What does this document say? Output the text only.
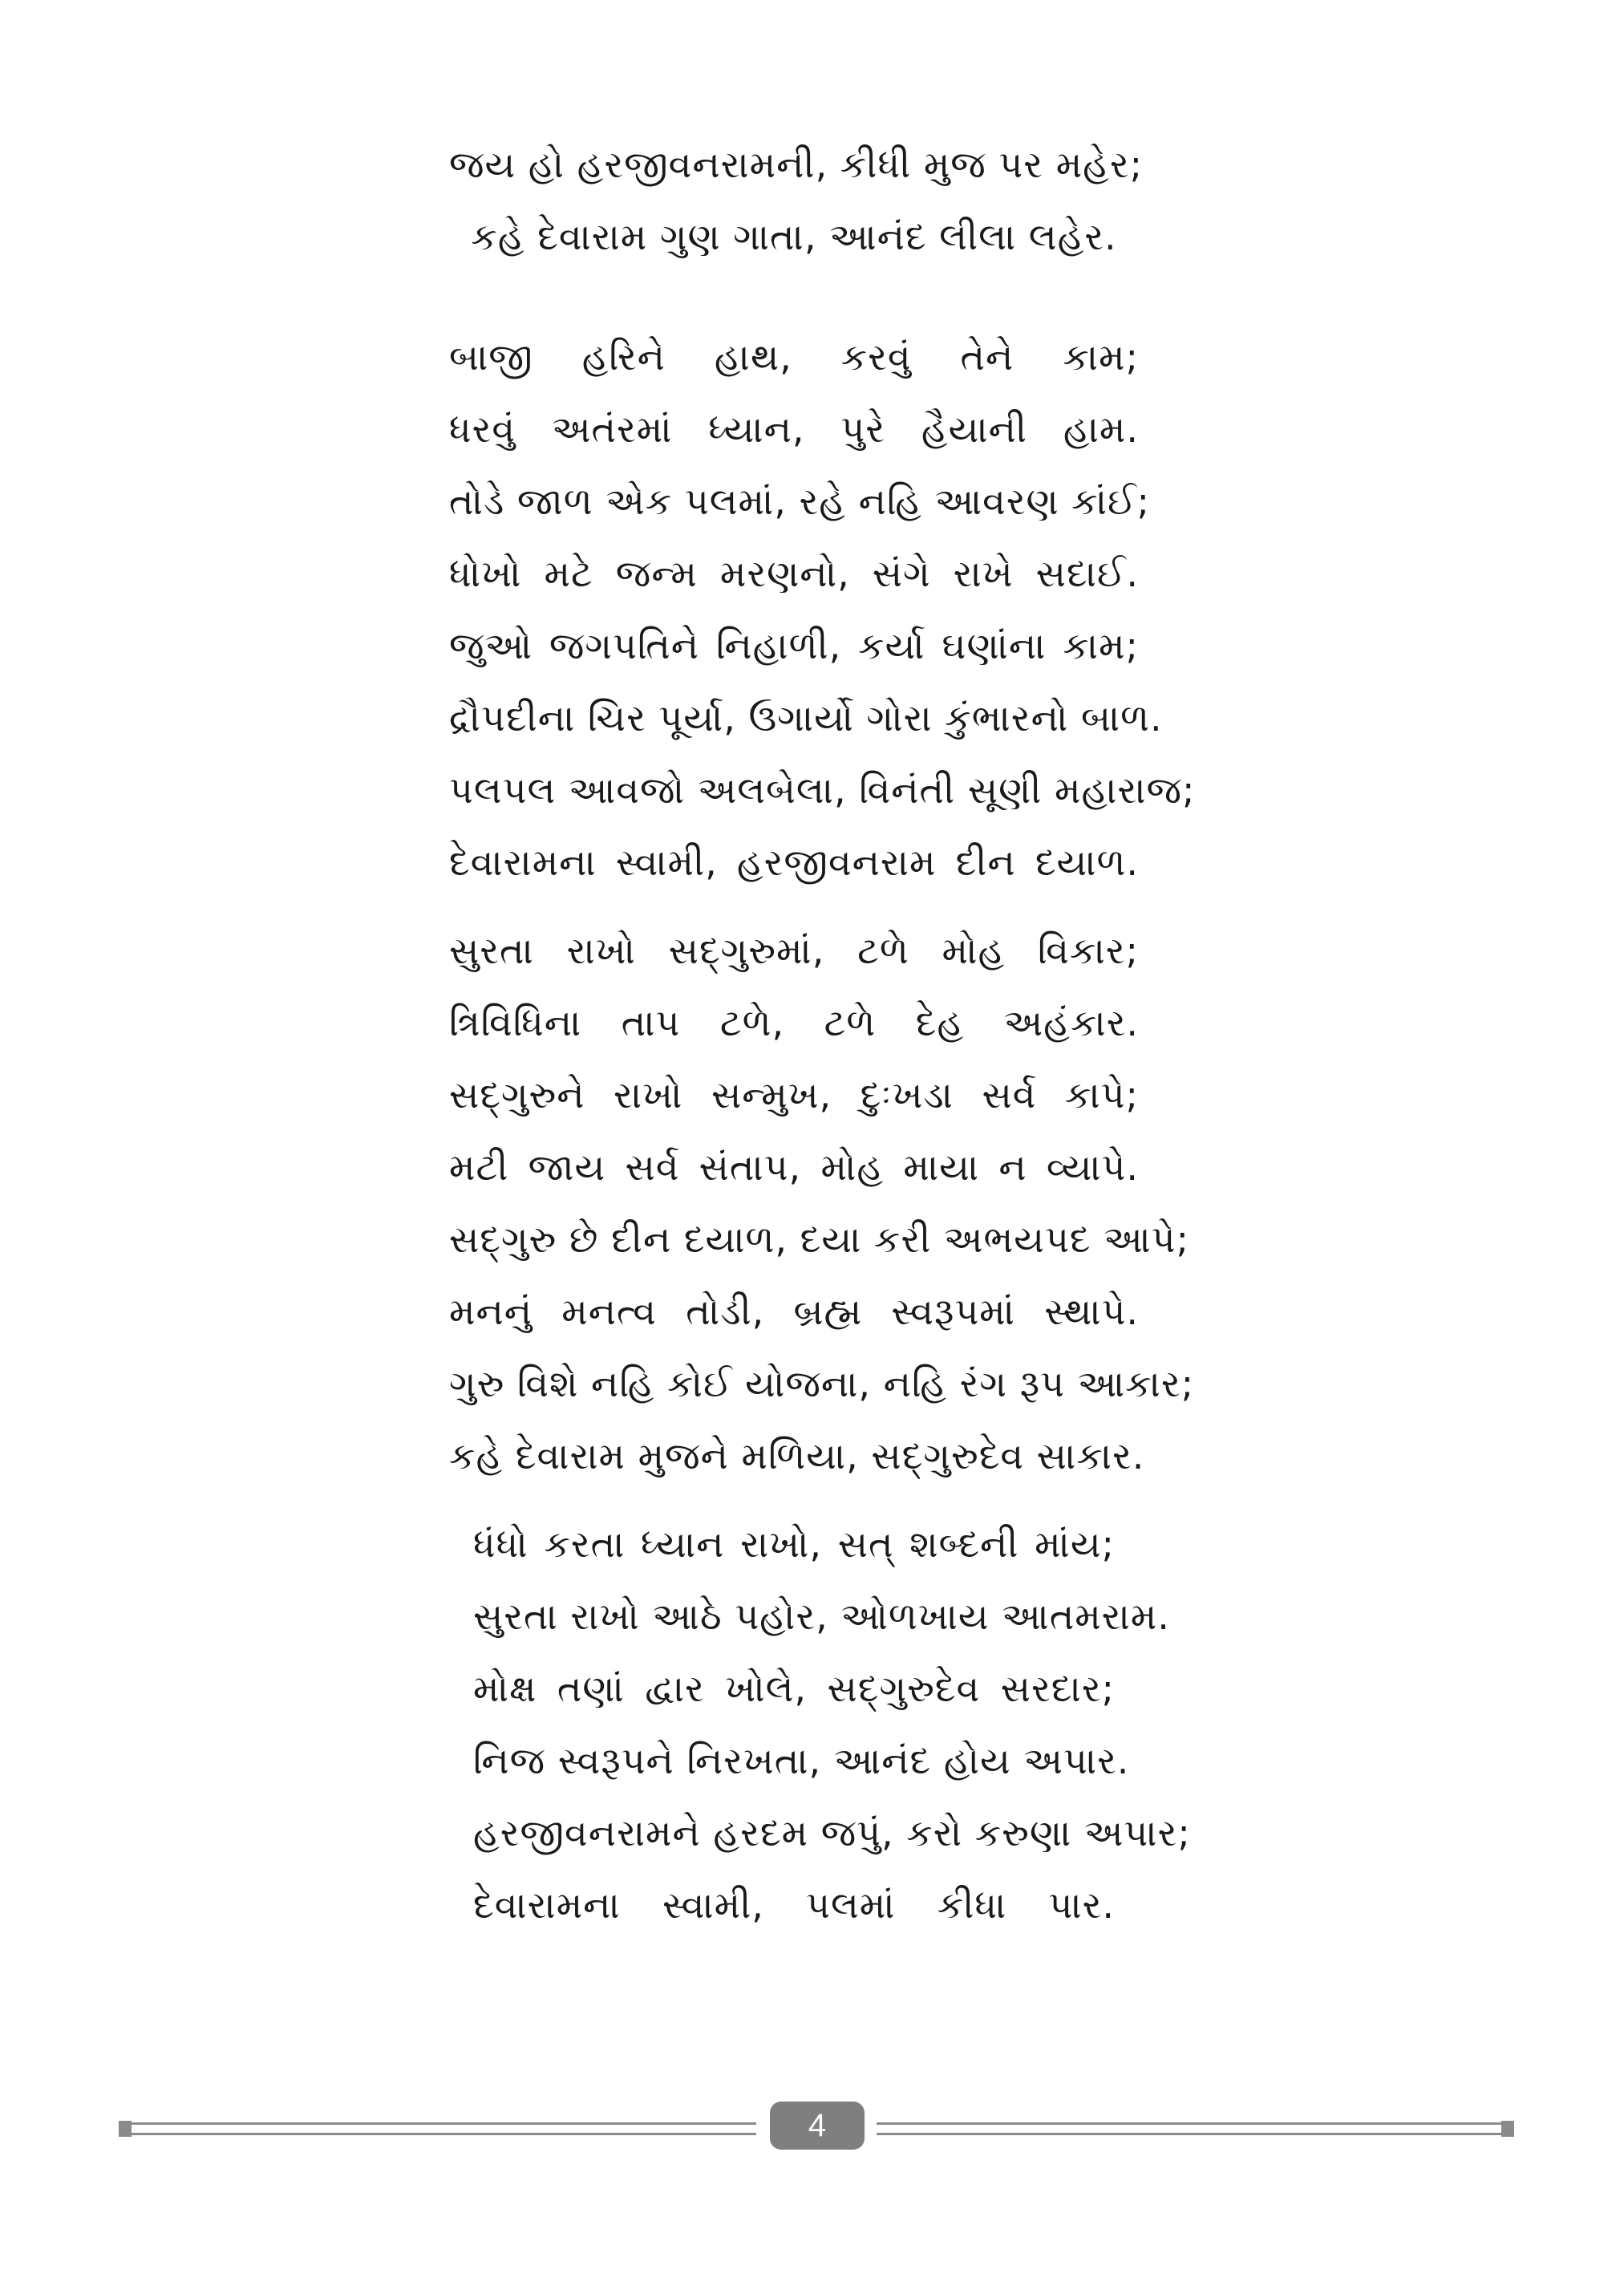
જય હો હરજીવનરામની, કીધી મુજ પર મહેર;
કહે દેવારામ ગુણ ગાતા, આનંદ લીલા લહેર.
બાજી હરિને હાથ, કરવું તેને કામ;
ધરવું અતંરમાં ધ્યાન, પુરે હૈયાની હામ.
તોડે જાળ એક પલમાં, રહે નહિ આવરણ કાંઈ;
ધોખો મટે જન્મ મરણનો, સંગે રાખે સદાઈ.
જુઓ જગપતિને નિહાળી, કર્યા ઘણાંના કામ;
દ્રૌપદીના ચિર પૂર્યા, ઉગાર્યો ગોરા કુંભારનો બાળ.
પલપલ આવજો અલબેલા, વિનંતી સૂણી મહારાજ;
દેવારામના સ્વામી, હરજીવનરામ દીન દયાળ.
સુરતા રાખો સદ્ગુરુમાં, ટળે મોહ વિકાર;
ત્રિવિધિના તાપ ટળે, ટળે દેહ અહંકાર.
સદ્ગુરુને રાખો સન્મુખ, દુઃખડા સર્વ કાપે;
મટી જાય સર્વ સંતાપ, મોહ માયા ન વ્યાપે.
સદ્ગુરુ છે દીન દયાળ, દયા કરી અભયપદ આપે;
મનનું મનત્વ તોડી, બ્રહ્મ સ્વરૂપમાં સ્થાપે.
ગુરુ વિશે નહિ કોઈ યોજના, નહિ રંગ રૂપ આકાર;
કહે દેવારામ મુજને મળિયા, સદ્ગુરુદેવ સાકાર.
ધંધો કરતા ધ્યાન રાખો, સત્ શબ્દની માંય;
સુરતા રાખો આઠે પહોર, ઓળખાય આતમરામ.
મોક્ષ તણાં દ્વાર ખોલે, સદ્ગુરુદેવ સરદાર;
નિજ સ્વરૂપને નિરખતા, આનંદ હોય અપાર.
હરજીવનરામને હરદમ જપું, કરો કરુણા અપાર;
દેવારામના સ્વામી, પલમાં કીધા પાર.
4
